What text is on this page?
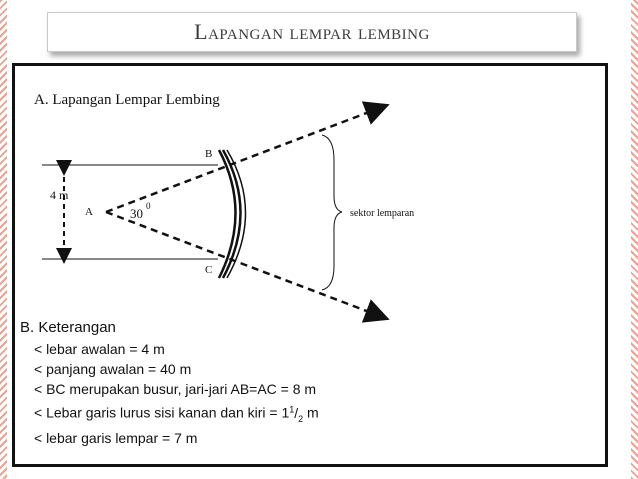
Lapangan lempar lembing
A. Lapangan Lempar Lembing
4 m
A
B
C
30 0
sektor lemparan
B. Keterangan
< lebar awalan = 4 m
< panjang awalan = 40 m
< BC merupakan busur, jari-jari AB=AC = 8 m
< Lebar garis lurus sisi kanan dan kiri = $1^1/_2$ m
< lebar garis lempar = 7 m
